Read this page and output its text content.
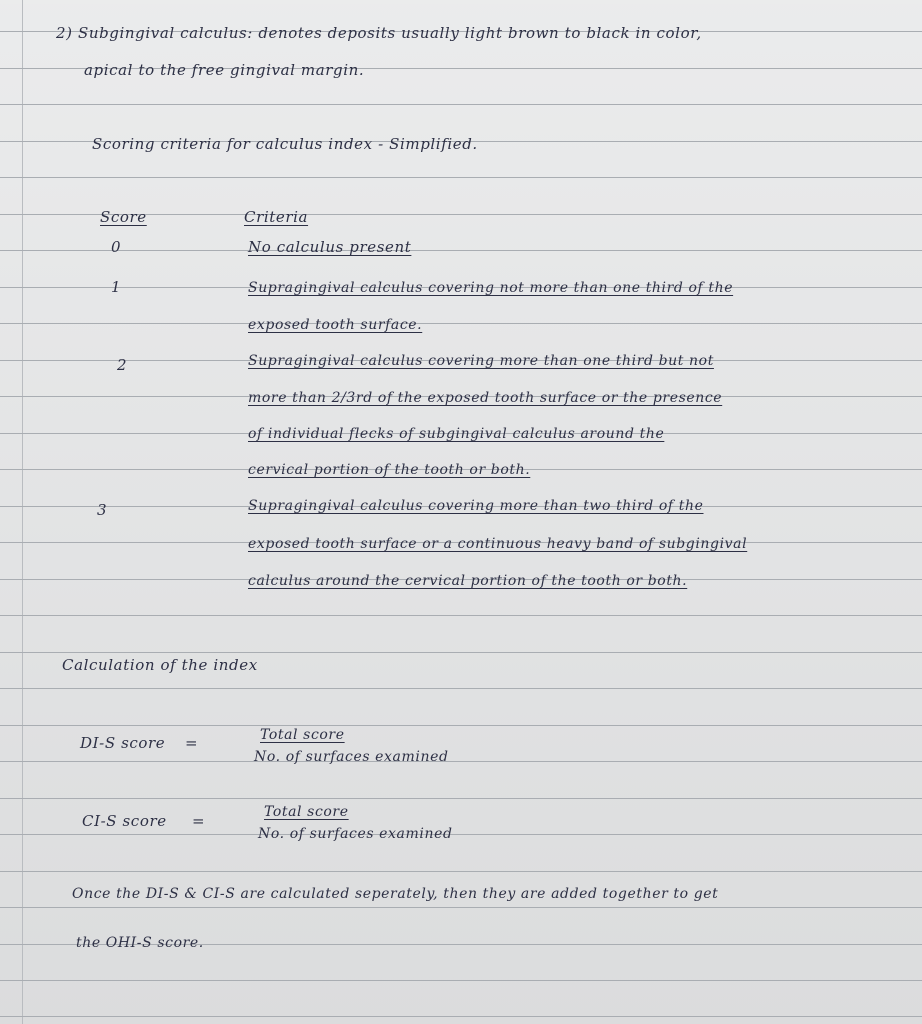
2) Subgingival calculus: denotes deposits usually light brown to black in color,
apical to the free gingival margin.
Scoring criteria for calculus index - Simplified.
Score	Criteria
0	No calculus present
1	Supragingival calculus covering not more than one third of the
exposed tooth surface.
2	Supragingival calculus covering more than one third but not
more than 2/3rd of the exposed tooth surface or the presence
of individual flecks of subgingival calculus around the
cervical portion of the tooth or both.
3	Supragingival calculus covering more than two third of the
exposed tooth surface or a continuous heavy band of subgingival
calculus around the cervical portion of the tooth or both.
Calculation of the index
DI-S score =	Total score
No. of surfaces examined
CI-S score =	Total score
No. of surfaces examined
Once the DI-S & CI-S are calculated seperately, then they are added together to get
the OHI-S score.
